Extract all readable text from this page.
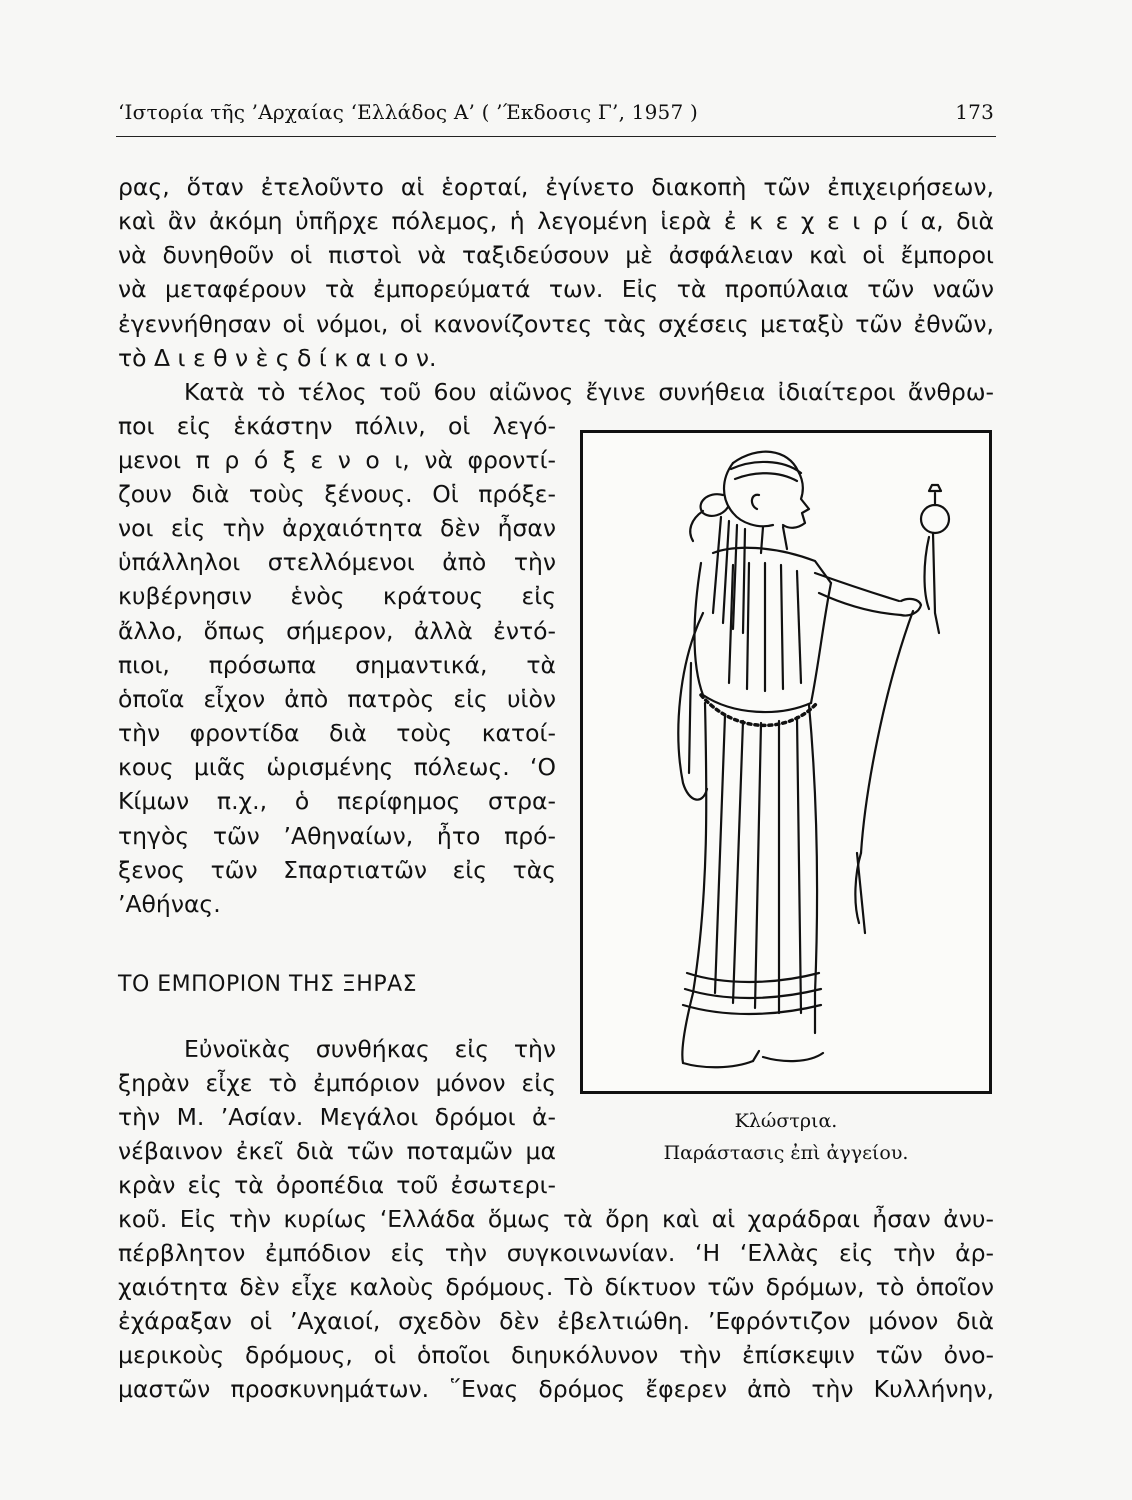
‘Ιστορία τῆς ’Αρχαίας ‘Ελλάδος Α’ ( ’Έκδοσις Γ’, 1957 )	173
ρας, ὅταν ἐτελοῦντο αἱ ἑορταί, ἐγίνετο διακοπὴ τῶν ἐπιχειρήσεων,
καὶ ἂν ἀκόμη ὑπῆρχε πόλεμος, ἡ λεγομένη ἱερὰ ἐ κ ε χ ε ι ρ ί α, διὰ
νὰ δυνηθοῦν οἱ πιστοὶ νὰ ταξιδεύσουν μὲ ἀσφάλειαν καὶ οἱ ἔμποροι
νὰ μεταφέρουν τὰ ἐμπορεύματά των. Εἰς τὰ προπύλαια τῶν ναῶν
ἐγεννήθησαν οἱ νόμοι, οἱ κανονίζοντες τὰς σχέσεις μεταξὺ τῶν ἐθνῶν,
τὸ Δ ι ε θ ν ὲ ς δ ί κ α ι ο ν.
Κατὰ τὸ τέλος τοῦ 6ου αἰῶνος ἔγινε συνήθεια ἰδιαίτεροι ἄνθρω-
ποι εἰς ἑκάστην πόλιν, οἱ λεγό-
μενοι π ρ ό ξ ε ν ο ι, νὰ φροντί-
ζουν διὰ τοὺς ξένους. Οἱ πρόξε-
νοι εἰς τὴν ἀρχαιότητα δὲν ἦσαν
ὑπάλληλοι στελλόμενοι ἀπὸ τὴν
κυβέρνησιν ἑνὸς κράτους εἰς
ἄλλο, ὅπως σήμερον, ἀλλὰ ἐντό-
πιοι, πρόσωπα σημαντικά, τὰ
ὁποῖα εἶχον ἀπὸ πατρὸς εἰς υἱὸν
τὴν φροντίδα διὰ τοὺς κατοί-
κους μιᾶς ὡρισμένης πόλεως. ‘Ο
Κίμων π.χ., ὁ περίφημος στρα-
τηγὸς τῶν ’Αθηναίων, ἦτο πρό-
ξενος τῶν Σπαρτιατῶν εἰς τὰς
’Αθήνας.
ΤΟ ΕΜΠΟΡΙΟΝ ΤΗΣ ΞΗΡΑΣ
Εὐνοϊκὰς συνθήκας εἰς τὴν
ξηρὰν εἶχε τὸ ἐμπόριον μόνον εἰς
τὴν Μ. ’Ασίαν. Μεγάλοι δρόμοι ἀ-
νέβαινον ἐκεῖ διὰ τῶν ποταμῶν μα
κρὰν εἰς τὰ ὀροπέδια τοῦ ἐσωτερι-
κοῦ. Εἰς τὴν κυρίως ‘Ελλάδα ὅμως τὰ ὄρη καὶ αἱ χαράδραι ἦσαν ἀνυ-
πέρβλητον ἐμπόδιον εἰς τὴν συγκοινωνίαν. ‘Η ‘Ελλὰς εἰς τὴν ἀρ-
χαιότητα δὲν εἶχε καλοὺς δρόμους. Τὸ δίκτυον τῶν δρόμων, τὸ ὁποῖον
ἐχάραξαν οἱ ’Αχαιοί, σχεδὸν δὲν ἐβελτιώθη. ’Εφρόντιζον μόνον διὰ
μερικοὺς δρόμους, οἱ ὁποῖοι διηυκόλυνον τὴν ἐπίσκεψιν τῶν ὀνο-
μαστῶν προσκυνημάτων. ῞Ενας δρόμος ἔφερεν ἀπὸ τὴν Κυλλήνην,
Κλώστρια.
Παράστασις ἐπὶ ἀγγείου.
